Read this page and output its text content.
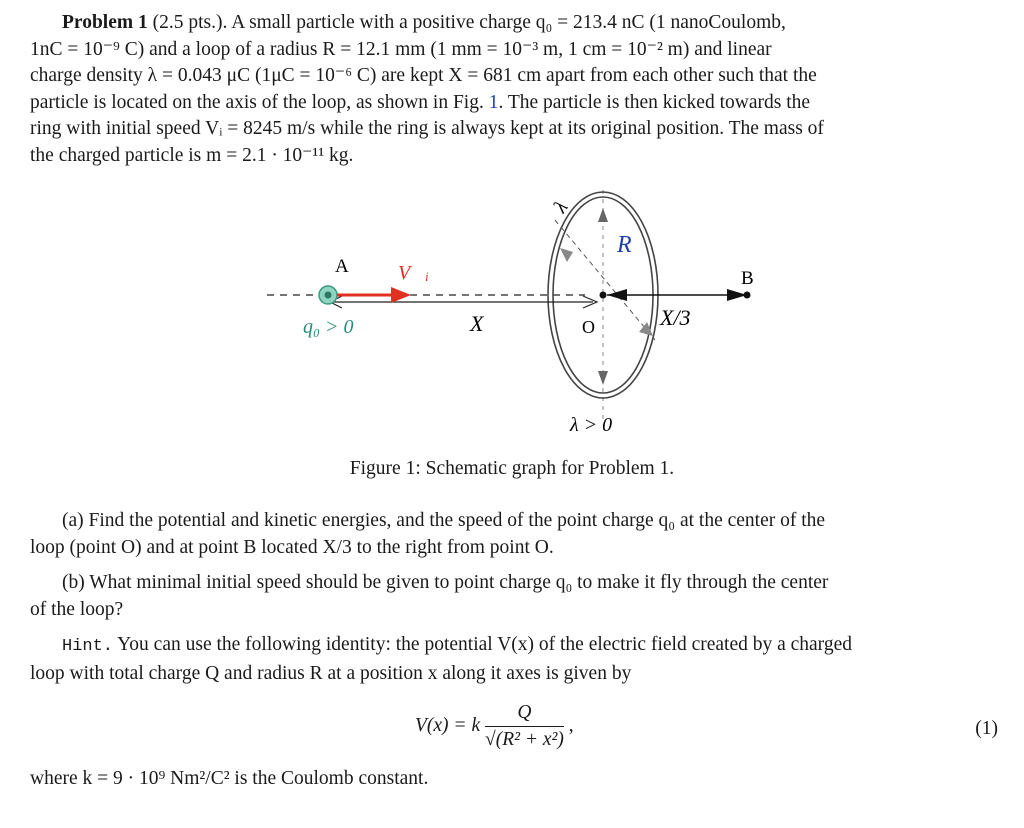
Problem 1 (2.5 pts.). A small particle with a positive charge q₀ = 213.4 nC (1 nanoCoulomb,
1nC = 10⁻⁹ C) and a loop of a radius R = 12.1 mm (1 mm = 10⁻³ m, 1 cm = 10⁻² m) and linear
charge density λ = 0.043 μC (1μC = 10⁻⁶ C) are kept X = 681 cm apart from each other such that the
particle is located on the axis of the loop, as shown in Fig. 1. The particle is then kicked towards the
ring with initial speed Vᵢ = 8245 m/s while the ring is always kept at its original position. The mass of
the charged particle is m = 2.1 · 10⁻¹¹ kg.
A V⃗ᵢ
q₀ > 0	X	O
R
X/3
B
λ
λ > 0
Figure 1: Schematic graph for Problem 1.
(a) Find the potential and kinetic energies, and the speed of the point charge q₀ at the center of the
loop (point O) and at point B located X/3 to the right from point O.
(b) What minimal initial speed should be given to point charge q₀ to make it fly through the center
of the loop?
Hint. You can use the following identity: the potential V(x) of the electric field created by a charged
loop with total charge Q and radius R at a position x along it axes is given by
V(x) = k $\frac{Q}{\text{√(R² + x²)}}$ ,	(1)
where k = 9 · 10⁹ Nm²/C² is the Coulomb constant.
